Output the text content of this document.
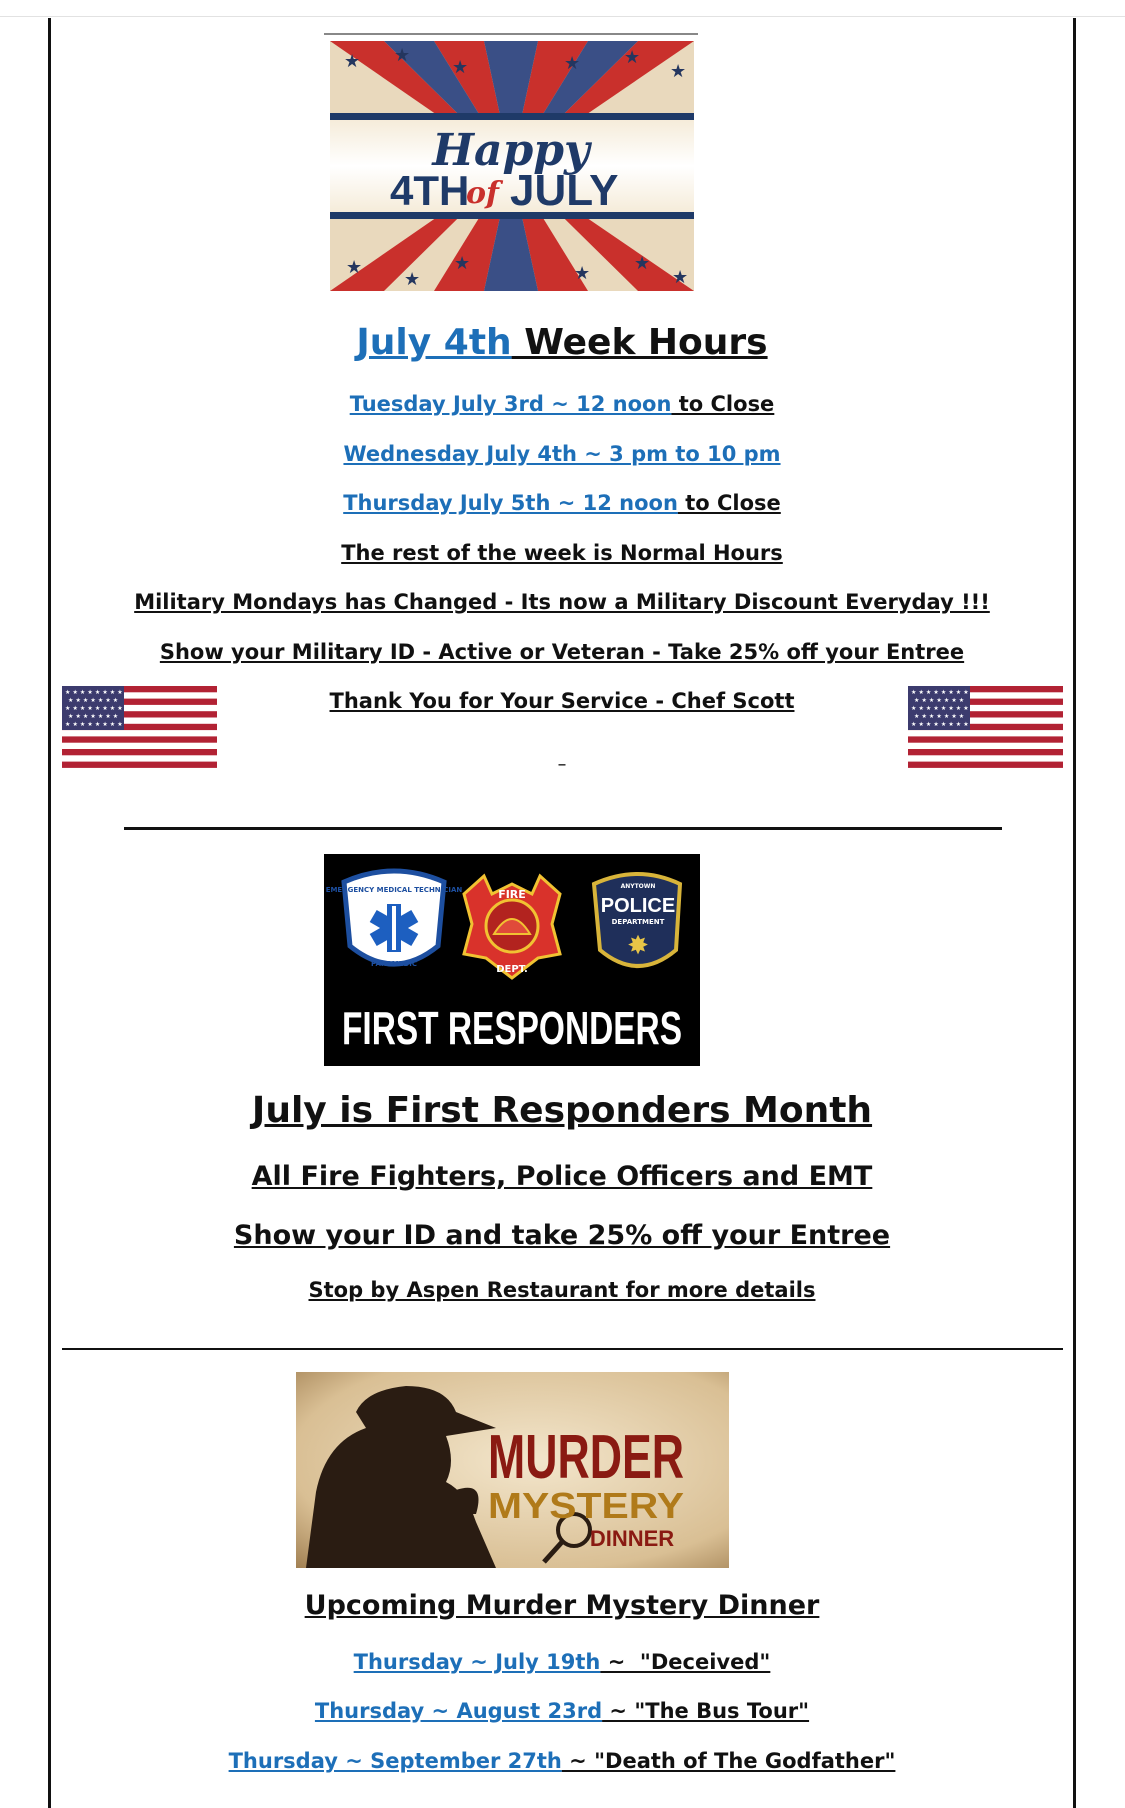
★ ★
★	★ ★
★
★
★
★	★ ★
★
Happy
4TH
of JULY
July 4th Week Hours
Tuesday July 3rd ~ 12 noon to Close
Wednesday July 4th ~ 3 pm to 10 pm
Thursday July 5th ~ 12 noon to Close
The rest of the week is Normal Hours
Military Mondays has Changed - Its now a Military Discount Everyday !!!
Show your Military ID - Active or Veteran - Take 25% off your Entree
Thank You for Your Service - Chef Scott
_
★ ★ ★ ★ ★ ★ ★ ★
★ ★ ★ ★ ★ ★ ★
★ ★ ★ ★ ★ ★ ★ ★
★ ★ ★ ★ ★ ★ ★
★ ★ ★ ★ ★ ★ ★ ★
★ ★ ★ ★ ★ ★ ★ ★
★ ★ ★ ★ ★ ★ ★
★ ★ ★ ★ ★ ★ ★ ★
★ ★ ★ ★ ★ ★ ★
★ ★ ★ ★ ★ ★ ★ ★
EMERGENCY MEDICAL TECHNICIAN
PARAMEDIC
FIRE
DEPT.
ANYTOWN
POLICE
DEPARTMENT
✸
FIRST RESPONDERS
July is First Responders Month
All Fire Fighters, Police Officers and EMT
Show your ID and take 25% off your Entree
Stop by Aspen Restaurant for more details
MURDER
MYSTERY
DINNER
Upcoming Murder Mystery Dinner
Thursday ~ July 19th ~  "Deceived"
Thursday ~ August 23rd ~ "The Bus Tour"
Thursday ~ September 27th ~ "Death of The Godfather"
